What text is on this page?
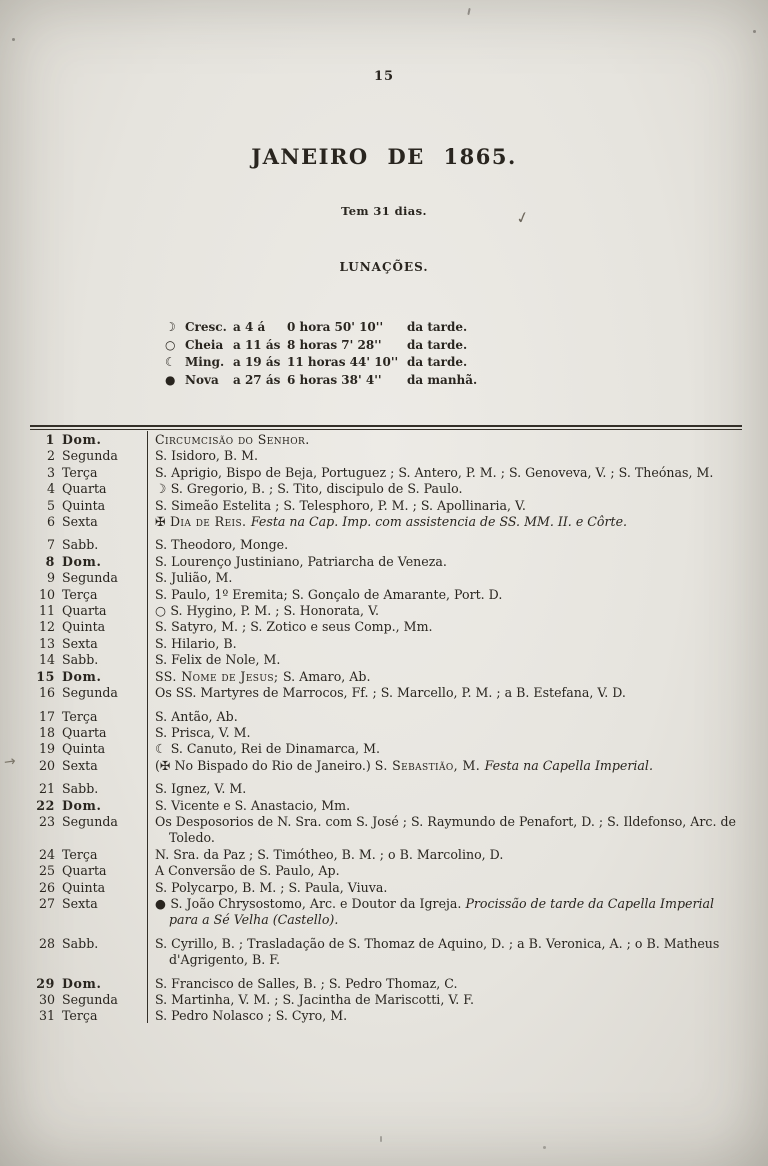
15
JANEIRO DE 1865.
Tem 31 dias.	✓
LUNAÇÕES.
☽ Cresc. a 4 á	0 hora 50' 10''	da tarde.
○ Cheia a 11 ás 8 horas 7' 28''	da tarde.
☾ Ming. a 19 ás 11 horas 44' 10'' da tarde.
● Nova	a 27 ás 6 horas 38' 4''	da manhã.
1 Dom.	Circumcisão do Senhor.
2 Segunda	S. Isidoro, B. M.
3 Terça	S. Aprigio, Bispo de Beja, Portuguez ; S. Antero, P. M. ; S. Genoveva, V. ; S. Theónas, M.
4 Quarta	☽ S. Gregorio, B. ; S. Tito, discipulo de S. Paulo.
5 Quinta	S. Simeão Estelita ; S. Telesphoro, P. M. ; S. Apollinaria, V.
6 Sexta	✠ Dia de Reis. Festa na Cap. Imp. com assistencia de SS. MM. II. e Côrte.
7 Sabb.	S. Theodoro, Monge.
8 Dom.	S. Lourenço Justiniano, Patriarcha de Veneza.
9 Segunda	S. Julião, M.
10 Terça	S. Paulo, 1º Eremita; S. Gonçalo de Amarante, Port. D.
11 Quarta	○ S. Hygino, P. M. ; S. Honorata, V.
12 Quinta	S. Satyro, M. ; S. Zotico e seus Comp., Mm.
13 Sexta	S. Hilario, B.
14 Sabb.	S. Felix de Nole, M.
15 Dom.	SS. Nome de Jesus; S. Amaro, Ab.
16 Segunda	Os SS. Martyres de Marrocos, Ff. ; S. Marcello, P. M. ; a B. Estefana, V. D.
17 Terça	S. Antão, Ab.
18 Quarta	S. Prisca, V. M.
19 Quinta	☾ S. Canuto, Rei de Dinamarca, M.
20 Sexta	(✠ No Bispado do Rio de Janeiro.) S. Sebastião, M. Festa na Capella Imperial.
21 Sabb.	S. Ignez, V. M.
22 Dom.	S. Vicente e S. Anastacio, Mm.
23 Segunda	Os Desposorios de N. Sra. com S. José ; S. Raymundo de Penafort, D. ; S. Ildefonso, Arc. de Toledo.
24 Terça	N. Sra. da Paz ; S. Timótheo, B. M. ; o B. Marcolino, D.
25 Quarta	A Conversão de S. Paulo, Ap.
26 Quinta	S. Polycarpo, B. M. ; S. Paula, Viuva.
27 Sexta	● S. João Chrysostomo, Arc. e Doutor da Igreja. Procissão de tarde da Capella Imperial para a Sé Velha (Castello).
28 Sabb.	S. Cyrillo, B. ; Trasladação de S. Thomaz de Aquino, D. ; a B. Veronica, A. ; o B. Matheus d'Agrigento, B. F.
29 Dom.	S. Francisco de Salles, B. ; S. Pedro Thomaz, C.
30 Segunda	S. Martinha, V. M. ; S. Jacintha de Mariscotti, V. F.
31 Terça	S. Pedro Nolasco ; S. Cyro, M.
→
